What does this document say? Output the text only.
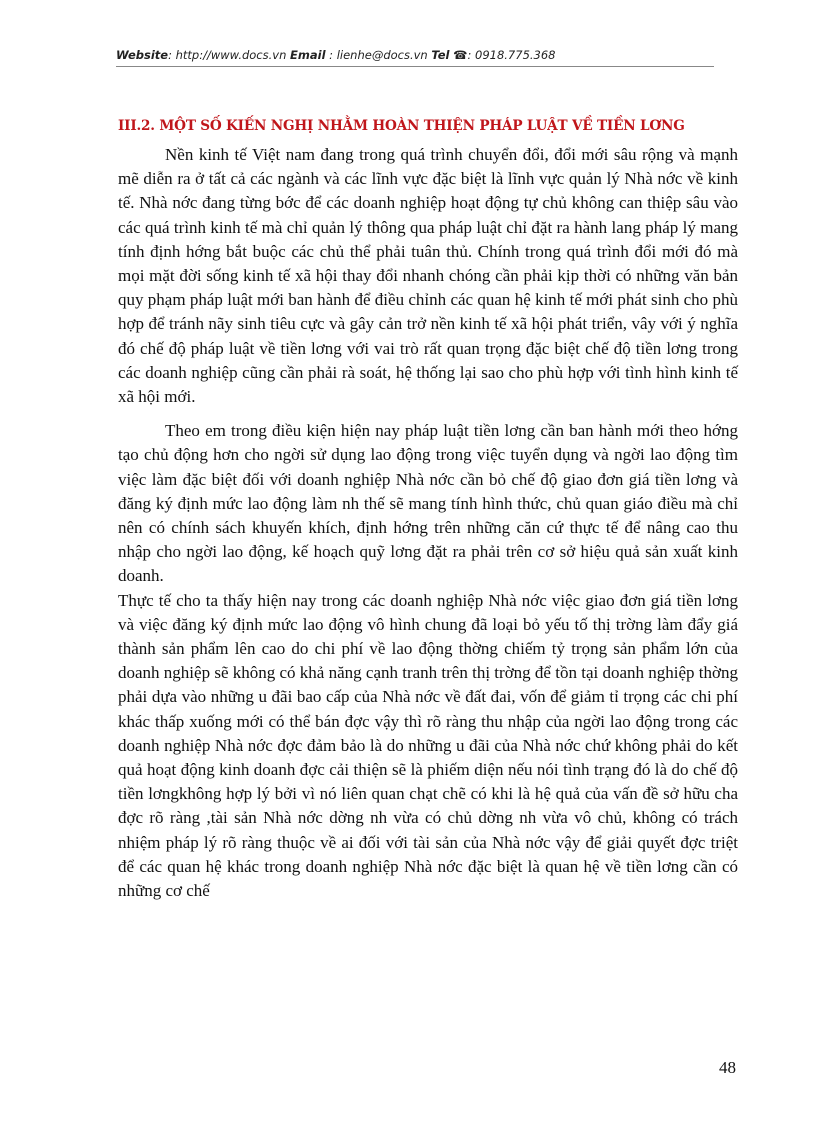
Website: http://www.docs.vn Email : lienhe@docs.vn Tel ☎: 0918.775.368
III.2. MỘT SỐ KIẾN NGHỊ NHẰM HOÀN THIỆN PHÁP LUẬT VỀ TIỀN LƠNG

Nền kinh tế Việt nam đang trong quá trình chuyển đổi, đổi mới sâu rộng và mạnh mẽ diễn ra ở tất cả các ngành và các lĩnh vực đặc biệt là lĩnh vực quản lý Nhà nớc về kinh tế. Nhà nớc đang từng bớc để các doanh nghiệp hoạt động tự chủ không can thiệp sâu vào các quá trình kinh tế mà chỉ quản lý thông qua pháp luật chỉ đặt ra hành lang pháp lý mang tính định hớng bắt buộc các chủ thể phải tuân thủ. Chính trong quá trình đổi mới đó mà mọi mặt đời sống kinh tế xã hội thay đổi nhanh chóng cần phải kịp thời có những văn bản quy phạm pháp luật mới ban hành để điều chỉnh các quan hệ kinh tế mới phát sinh cho phù hợp để tránh nãy sinh tiêu cực và gây cản trở nền kinh tế xã hội phát triển, vây với ý nghĩa đó chế độ pháp luật về tiền lơng với vai trò rất quan trọng đặc biệt chế độ tiền lơng trong các doanh nghiệp cũng cần phải rà soát, hệ thống lại sao cho phù hợp với tình hình kinh tế xã hội mới.

Theo em trong điều kiện hiện nay pháp luật tiền lơng cần ban hành mới theo hớng tạo chủ động hơn cho ngời sử dụng lao động trong việc tuyển dụng và ngời lao động tìm việc làm đặc biệt đối với doanh nghiệp Nhà nớc cần bỏ chế độ giao đơn giá tiền lơng và đăng ký định mức lao động làm nh thế sẽ mang tính hình thức, chủ quan giáo điều mà chỉ nên có chính sách khuyến khích, định hớng trên những căn cứ thực tế để nâng cao thu nhập cho ngời lao động, kế hoạch quỹ lơng đặt ra phải trên cơ sở hiệu quả sản xuất kinh doanh.

Thực tế cho ta thấy hiện nay trong các doanh nghiệp Nhà nớc việc giao đơn giá tiền lơng và việc đăng ký định mức lao động vô hình chung đã loại bỏ yếu tố thị trờng làm đẩy giá thành sản phẩm lên cao do chi phí về lao động thờng chiếm tỷ trọng sản phẩm lớn của doanh nghiệp sẽ không có khả năng cạnh tranh trên thị trờng để tồn tại doanh nghiệp thờng phải dựa vào những u đãi bao cấp của Nhà nớc về đất đai, vốn để giảm tỉ trọng các chi phí khác thấp xuống mới có thể bán đợc vậy thì rõ ràng thu nhập của ngời lao động trong các doanh nghiệp Nhà nớc đợc đảm bảo là do những u đãi của Nhà nớc chứ không phải do kết quả hoạt động kinh doanh đợc cải thiện sẽ là phiếm diện nếu nói tình trạng đó là do chế độ tiền lơngkhông hợp lý bởi vì nó liên quan chạt chẽ có khi là hệ quả của vấn đề sở hữu cha đợc rõ ràng ,tài sản Nhà nớc dờng nh vừa có chủ dờng nh vừa vô chủ, không có trách nhiệm pháp lý rõ ràng thuộc về ai đối với tài sản của Nhà nớc vậy để giải quyết đợc triệt để các quan hệ khác trong doanh nghiệp Nhà nớc đặc biệt là quan hệ về tiền lơng cần có những cơ chế

48
